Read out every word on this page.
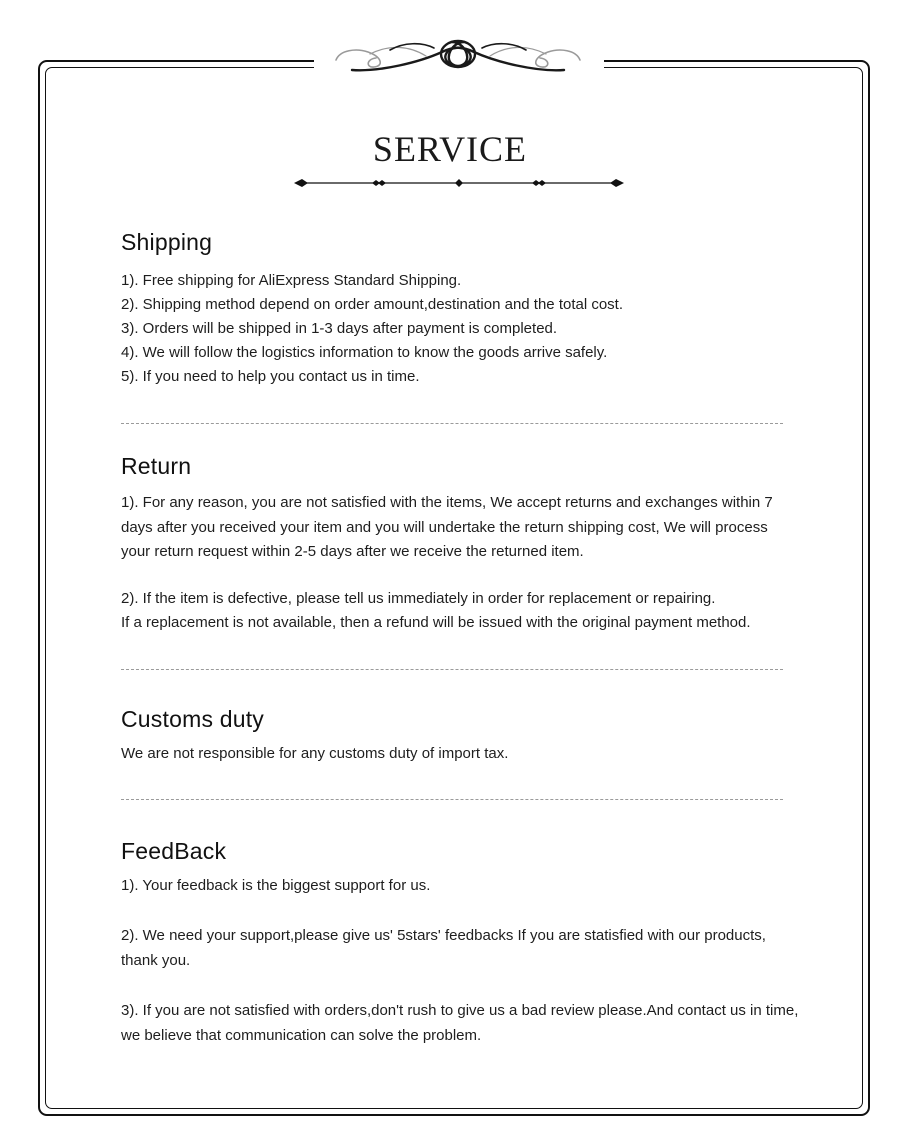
SERVICE
Shipping
1). Free shipping for AliExpress Standard Shipping.
2). Shipping method depend on order amount,destination and the total cost.
3). Orders will be shipped in 1-3 days after payment is completed.
4). We will follow the logistics information to know the goods arrive safely.
5). If you need to help you contact us in time.
Return

1). For any reason, you are not satisfied with the items, We accept returns and exchanges within 7 days after you received your item and you will undertake the return shipping cost, We will process your return request within 2-5 days after we receive the returned item.

2). If the item is defective, please tell us immediately in order for replacement or repairing.

If a replacement is not available, then a refund will be issued with the original payment method.

Customs duty

We are not responsible for any customs duty of import tax.

FeedBack

1). Your feedback is the biggest support for us.

2). We need your support,please give us' 5stars' feedbacks If you are statisfied with our products, thank you.

3). If you are not satisfied with orders,don't rush to give us a bad review please.And contact us in time, we believe that communication can solve the problem.
